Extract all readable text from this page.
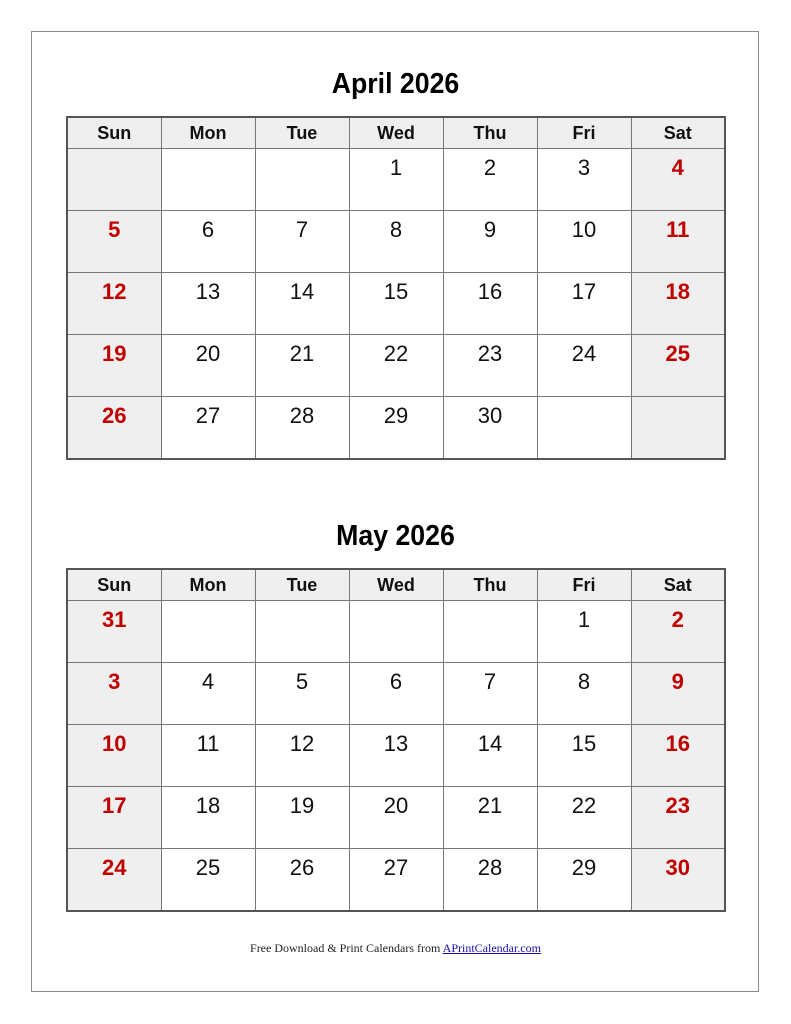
April 2026
Sun	Mon	Tue	Wed	Thu	Fri	Sat
			1	2	3	4
5	6	7	8	9	10	11
12	13	14	15	16	17	18
19	20	21	22	23	24	25
26	27	28	29	30		
May 2026
Sun	Mon	Tue	Wed	Thu	Fri	Sat
31					1	2
3	4	5	6	7	8	9
10	11	12	13	14	15	16
17	18	19	20	21	22	23
24	25	26	27	28	29	30
Free Download & Print Calendars from APrintCalendar.com
